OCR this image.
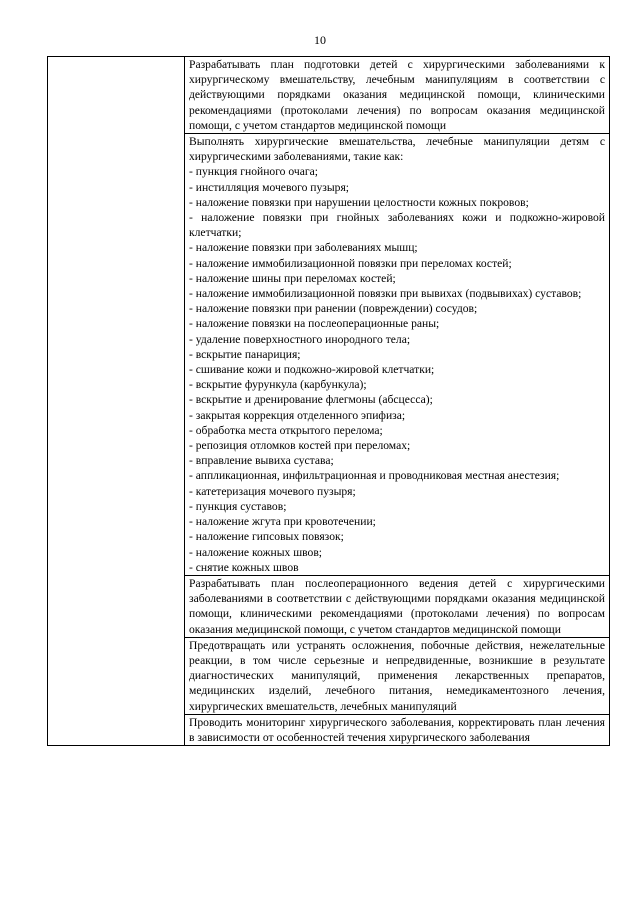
10
Разрабатывать план подготовки детей с хирургическими заболеваниями к хирургическому вмешательству, лечебным манипуляциям в соответствии с действующими порядками оказания медицинской помощи, клиническими рекомендациями (протоколами лечения) по вопросам оказания медицинской помощи, с учетом стандартов медицинской помощи
Выполнять хирургические вмешательства, лечебные манипуляции детям с хирургическими заболеваниями, такие как:
- пункция гнойного очага;
- инстилляция мочевого пузыря;
- наложение повязки при нарушении целостности кожных покровов;
- наложение повязки при гнойных заболеваниях кожи и подкожно-жировой клетчатки;
- наложение повязки при заболеваниях мышц;
- наложение иммобилизационной повязки при переломах костей;
- наложение шины при переломах костей;
- наложение иммобилизационной повязки при вывихах (подвывихах) суставов;
- наложение повязки при ранении (повреждении) сосудов;
- наложение повязки на послеоперационные раны;
- удаление поверхностного инородного тела;
- вскрытие панариция;
- сшивание кожи и подкожно-жировой клетчатки;
- вскрытие фурункула (карбункула);
- вскрытие и дренирование флегмоны (абсцесса);
- закрытая коррекция отделенного эпифиза;
- обработка места открытого перелома;
- репозиция отломков костей при переломах;
- вправление вывиха сустава;
- аппликационная, инфильтрационная и проводниковая местная анестезия;
- катетеризация мочевого пузыря;
- пункция суставов;
- наложение жгута при кровотечении;
- наложение гипсовых повязок;
- наложение кожных швов;
- снятие кожных швов
Разрабатывать план послеоперационного ведения детей с хирургическими заболеваниями в соответствии с действующими порядками оказания медицинской помощи, клиническими рекомендациями (протоколами лечения) по вопросам оказания медицинской помощи, с учетом стандартов медицинской помощи
Предотвращать или устранять осложнения, побочные действия, нежелательные реакции, в том числе серьезные и непредвиденные, возникшие в результате диагностических манипуляций, применения лекарственных препаратов, медицинских изделий, лечебного питания, немедикаментозного лечения, хирургических вмешательств, лечебных манипуляций
Проводить мониторинг хирургического заболевания, корректировать план лечения в зависимости от особенностей течения хирургического заболевания
